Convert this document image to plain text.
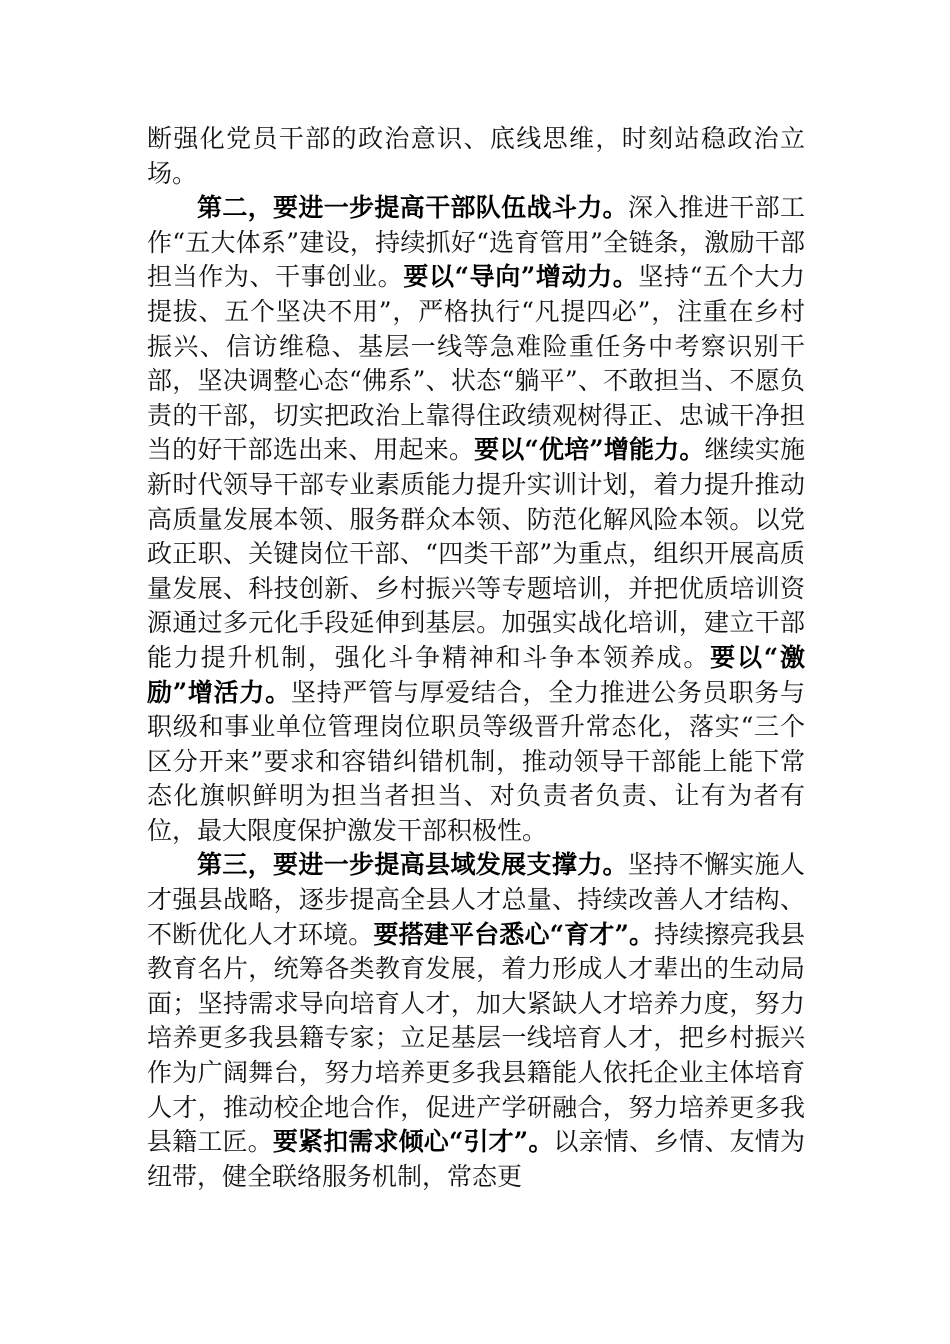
断强化党员干部的政治意识、底线思维，时刻站稳政治立场。

第二，要进一步提高干部队伍战斗力。深入推进干部工作“五大体系”建设，持续抓好“选育管用”全链条，激励干部担当作为、干事创业。要以“导向”增动力。坚持“五个大力提拔、五个坚决不用”，严格执行“凡提四必”，注重在乡村振兴、信访维稳、基层一线等急难险重任务中考察识别干部，坚决调整心态“佛系”、状态“躺平”、不敢担当、不愿负责的干部，切实把政治上靠得住政绩观树得正、忠诚干净担当的好干部选出来、用起来。要以“优培”增能力。继续实施新时代领导干部专业素质能力提升实训计划，着力提升推动高质量发展本领、服务群众本领、防范化解风险本领。以党政正职、关键岗位干部、“四类干部”为重点，组织开展高质量发展、科技创新、乡村振兴等专题培训，并把优质培训资源通过多元化手段延伸到基层。加强实战化培训，建立干部能力提升机制，强化斗争精神和斗争本领养成。要以“激励”增活力。坚持严管与厚爱结合，全力推进公务员职务与职级和事业单位管理岗位职员等级晋升常态化，落实“三个区分开来”要求和容错纠错机制，推动领导干部能上能下常态化旗帜鲜明为担当者担当、对负责者负责、让有为者有位，最大限度保护激发干部积极性。

第三，要进一步提高县域发展支撑力。坚持不懈实施人才强县战略，逐步提高全县人才总量、持续改善人才结构、不断优化人才环境。要搭建平台悉心“育才”。持续擦亮我县教育名片，统筹各类教育发展，着力形成人才辈出的生动局面；坚持需求导向培育人才，加大紧缺人才培养力度，努力培养更多我县籍专家；立足基层一线培育人才，把乡村振兴作为广阔舞台，努力培养更多我县籍能人依托企业主体培育人才，推动校企地合作，促进产学研融合，努力培养更多我县籍工匠。要紧扣需求倾心“引才”。以亲情、乡情、友情为纽带，健全联络服务机制，常态更
